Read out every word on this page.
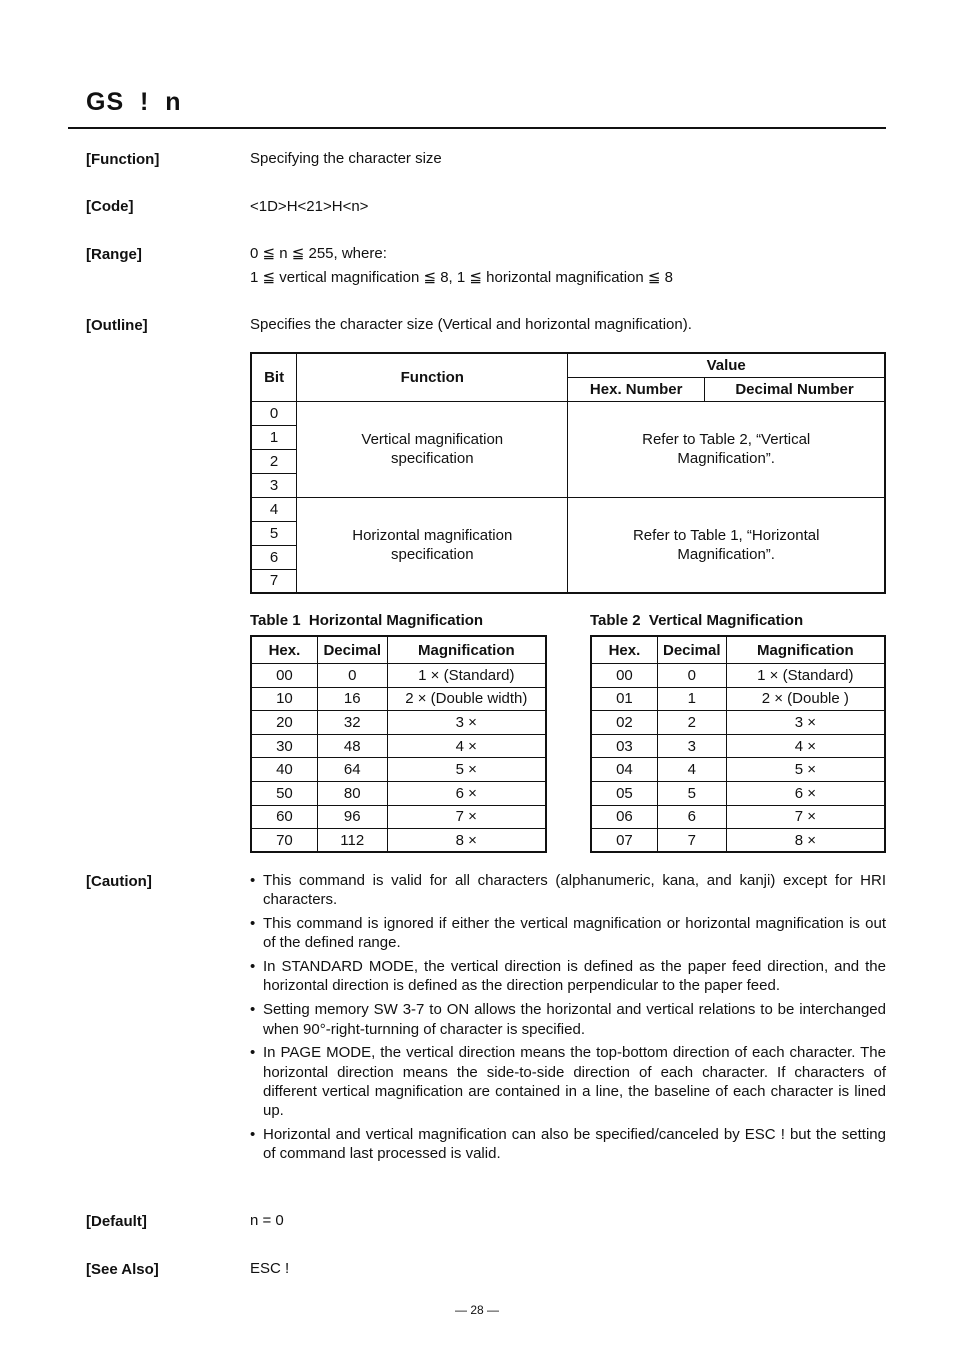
GS  !  n
[Function]	Specifying the character size
[Code]	<1D>H<21>H<n>
[Range]	0 ≦ n ≦ 255, where:
1 ≦ vertical magnification ≦ 8, 1 ≦ horizontal magnification ≦ 8
[Outline]	Specifies the character size (Vertical and horizontal magnification).
Bit	Function	Value	
		Hex. Number	Decimal Number
0	Vertical magnification specification	Refer to Table 2, “Vertical Magnification”.	

1			
2			
3			
4	Horizontal magnification specification	Refer to Table 1, “Horizontal Magnification”.	

5			
6			
7			
Table 1  Horizontal Magnification
Hex.	Decimal	Magnification
00	0	1 × (Standard)
10	16	2 × (Double width)
20	32	3 ×
30	48	4 ×
40	64	5 ×
50	80	6 ×
60	96	7 ×
70	112	8 ×
Table 2  Vertical Magnification
Hex.	Decimal	Magnification
00	0	1 × (Standard)
01	1	2 × (Double )
02	2	3 ×
03	3	4 ×
04	4	5 ×
05	5	6 ×
06	6	7 ×
07	7	8 ×
[Caution]	• This command is valid for all characters (alphanumeric, kana, and kanji) except for HRI characters.
• This command is ignored if either the vertical magnification or horizontal magnification is out of the defined range.
• In STANDARD MODE, the vertical direction is defined as the paper feed direction, and the horizontal direction is defined as the direction perpendicular to the paper feed.
• Setting memory SW 3-7 to ON allows the horizontal and vertical relations to be interchanged when 90°-right-turnning of character is specified.
• In PAGE MODE, the vertical direction means the top-bottom direction of each character. The horizontal direction means the side-to-side direction of each character. If characters of different vertical magnification are contained in a line, the baseline of each character is lined up.
• Horizontal and vertical magnification can also be specified/canceled by ESC ! but the setting of command last processed is valid.
[Default]	n = 0
[See Also]	ESC !
— 28 —
